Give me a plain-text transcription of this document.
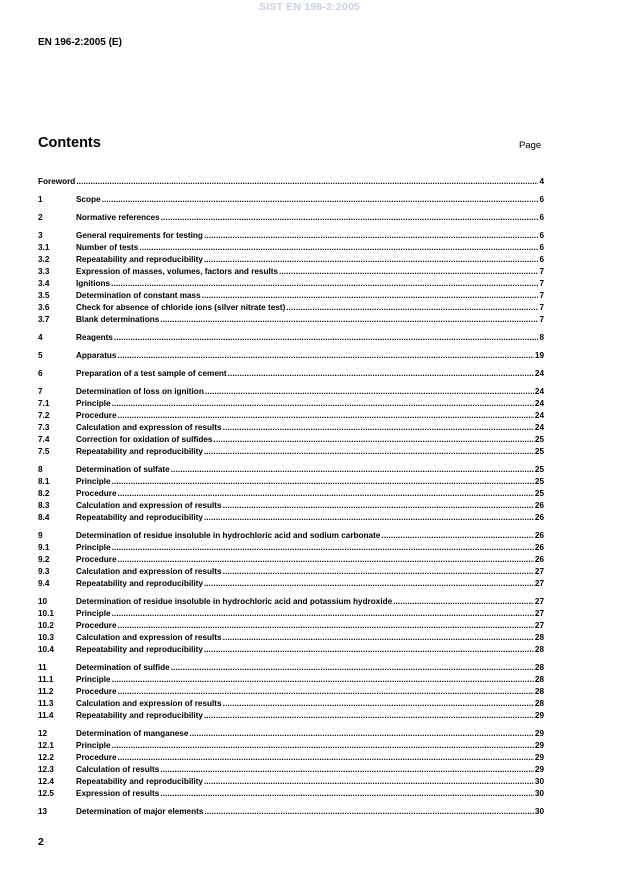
SIST EN 196-2:2005
EN 196-2:2005 (E)
Contents	Page
Foreword .....	4
1	Scope .....	6
2	Normative references .....	6
3	General requirements for testing .....	6
3.1	Number of tests .....	6
3.2	Repeatability and reproducibility .....	6
3.3	Expression of masses, volumes, factors and results .....	7
3.4	Ignitions .....	7
3.5	Determination of constant mass .....	7
3.6	Check for absence of chloride ions (silver nitrate test) .....	7
3.7	Blank determinations .....	7
4	Reagents .....	8
5	Apparatus .....	19
6	Preparation of a test sample of cement .....	24
7	Determination of loss on ignition .....	24
7.1	Principle .....	24
7.2	Procedure .....	24
7.3	Calculation and expression of results .....	24
7.4	Correction for oxidation of sulfides .....	25
7.5	Repeatability and reproducibility .....	25
8	Determination of sulfate .....	25
8.1	Principle .....	25
8.2	Procedure .....	25
8.3	Calculation and expression of results .....	26
8.4	Repeatability and reproducibility .....	26
9	Determination of residue insoluble in hydrochloric acid and sodium carbonate .....	26
9.1	Principle .....	26
9.2	Procedure .....	26
9.3	Calculation and expression of results .....	27
9.4	Repeatability and reproducibility .....	27
10	Determination of residue insoluble in hydrochloric acid and potassium hydroxide .....	27
10.1	Principle .....	27
10.2	Procedure .....	27
10.3	Calculation and expression of results .....	28
10.4	Repeatability and reproducibility .....	28
11	Determination of sulfide .....	28
11.1	Principle .....	28
11.2	Procedure .....	28
11.3	Calculation and expression of results .....	28
11.4	Repeatability and reproducibility .....	29
12	Determination of manganese .....	29
12.1	Principle .....	29
12.2	Procedure .....	29
12.3	Calculation of results .....	29
12.4	Repeatability and reproducibility .....	30
12.5	Expression of results .....	30
13	Determination of major elements .....	30
2
